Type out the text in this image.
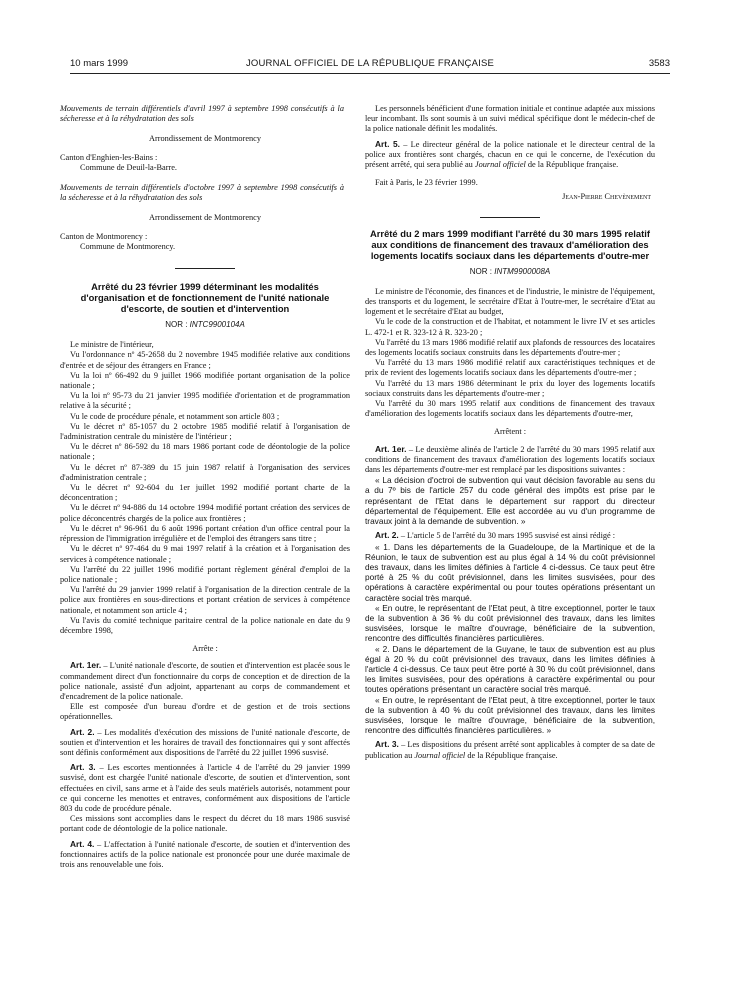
10 mars 1999	JOURNAL OFFICIEL DE LA RÉPUBLIQUE FRANÇAISE	3583

Mouvements de terrain différentiels d'avril 1997 à septembre 1998 consécutifs à la sécheresse et à la réhydratation des sols

Arrondissement de Montmorency

Canton d'Enghien-les-Bains :

Commune de Deuil-la-Barre.

Mouvements de terrain différentiels d'octobre 1997 à septembre 1998 consécutifs à la sécheresse et à la réhydratation des sols

Arrondissement de Montmorency

Canton de Montmorency :

Commune de Montmorency.

Arrêté du 23 février 1999 déterminant les modalités d'organisation et de fonctionnement de l'unité nationale d'escorte, de soutien et d'intervention
NOR : INTC9900104A

Le ministre de l'intérieur,

Vu l'ordonnance nº 45-2658 du 2 novembre 1945 modifiée relative aux conditions d'entrée et de séjour des étrangers en France ;

Vu la loi nº 66-492 du 9 juillet 1966 modifiée portant organisation de la police nationale ;

Vu la loi nº 95-73 du 21 janvier 1995 modifiée d'orientation et de programmation relative à la sécurité ;

Vu le code de procédure pénale, et notamment son article 803 ;

Vu le décret nº 85-1057 du 2 octobre 1985 modifié relatif à l'organisation de l'administration centrale du ministère de l'intérieur ;

Vu le décret nº 86-592 du 18 mars 1986 portant code de déontologie de la police nationale ;

Vu le décret nº 87-389 du 15 juin 1987 relatif à l'organisation des services d'administration centrale ;

Vu le décret nº 92-604 du 1er juillet 1992 modifié portant charte de la déconcentration ;

Vu le décret nº 94-886 du 14 octobre 1994 modifié portant création des services de police déconcentrés chargés de la police aux frontières ;

Vu le décret nº 96-961 du 6 août 1996 portant création d'un office central pour la répression de l'immigration irrégulière et de l'emploi des étrangers sans titre ;

Vu le décret nº 97-464 du 9 mai 1997 relatif à la création et à l'organisation des services à compétence nationale ;

Vu l'arrêté du 22 juillet 1996 modifié portant règlement général d'emploi de la police nationale ;

Vu l'arrêté du 29 janvier 1999 relatif à l'organisation de la direction centrale de la police aux frontières en sous-directions et portant création de services à compétence nationale, et notamment son article 4 ;

Vu l'avis du comité technique paritaire central de la police nationale en date du 9 décembre 1998,

Arrête :

Art. 1er. – L'unité nationale d'escorte, de soutien et d'intervention est placée sous le commandement direct d'un fonctionnaire du corps de conception et de direction de la police nationale, assisté d'un adjoint, appartenant au corps de commandement et d'encadrement de la police nationale.

Elle est composée d'un bureau d'ordre et de gestion et de trois sections opérationnelles.

Art. 2. – Les modalités d'exécution des missions de l'unité nationale d'escorte, de soutien et d'intervention et les horaires de travail des fonctionnaires qui y sont affectés sont définis conformément aux dispositions de l'arrêté du 22 juillet 1996 susvisé.

Art. 3. – Les escortes mentionnées à l'article 4 de l'arrêté du 29 janvier 1999 susvisé, dont est chargée l'unité nationale d'escorte, de soutien et d'intervention, sont effectuées en civil, sans arme et à l'aide des seuls matériels autorisés, notamment pour ce qui concerne les menottes et entraves, conformément aux dispositions de l'article 803 du code de procédure pénale.

Ces missions sont accomplies dans le respect du décret du 18 mars 1986 susvisé portant code de déontologie de la police nationale.

Art. 4. – L'affectation à l'unité nationale d'escorte, de soutien et d'intervention des fonctionnaires actifs de la police nationale est prononcée pour une durée maximale de trois ans renouvelable une fois.

Les personnels bénéficient d'une formation initiale et continue adaptée aux missions leur incombant. Ils sont soumis à un suivi médical spécifique dont le médecin-chef de la police nationale définit les modalités.

Art. 5. – Le directeur général de la police nationale et le directeur central de la police aux frontières sont chargés, chacun en ce qui le concerne, de l'exécution du présent arrêté, qui sera publié au Journal officiel de la République française.

Fait à Paris, le 23 février 1999.

Jean-Pierre Chevènement

Arrêté du 2 mars 1999 modifiant l'arrêté du 30 mars 1995 relatif aux conditions de financement des travaux d'amélioration des logements locatifs sociaux dans les départements d'outre-mer
NOR : INTM9900008A

Le ministre de l'économie, des finances et de l'industrie, le ministre de l'équipement, des transports et du logement, le secrétaire d'Etat à l'outre-mer, le secrétaire d'Etat au logement et le secrétaire d'Etat au budget,

Vu le code de la construction et de l'habitat, et notamment le livre IV et ses articles L. 472-1 et R. 323-12 à R. 323-20 ;

Vu l'arrêté du 13 mars 1986 modifié relatif aux plafonds de ressources des locataires des logements locatifs sociaux construits dans les départements d'outre-mer ;

Vu l'arrêté du 13 mars 1986 modifié relatif aux caractéristiques techniques et de prix de revient des logements locatifs sociaux dans les départements d'outre-mer ;

Vu l'arrêté du 13 mars 1986 déterminant le prix du loyer des logements locatifs sociaux construits dans les départements d'outre-mer ;

Vu l'arrêté du 30 mars 1995 relatif aux conditions de financement des travaux d'amélioration des logements locatifs sociaux dans les départements d'outre-mer,

Arrêtent :

Art. 1er. – Le deuxième alinéa de l'article 2 de l'arrêté du 30 mars 1995 relatif aux conditions de financement des travaux d'amélioration des logements locatifs sociaux dans les départements d'outre-mer est remplacé par les dispositions suivantes :

« La décision d'octroi de subvention qui vaut décision favorable au sens du a du 7º bis de l'article 257 du code général des impôts est prise par le représentant de l'Etat dans le département sur rapport du directeur départemental de l'équipement. Elle est accordée au vu d'un programme de travaux joint à la demande de subvention. »

Art. 2. – L'article 5 de l'arrêté du 30 mars 1995 susvisé est ainsi rédigé :

« 1. Dans les départements de la Guadeloupe, de la Martinique et de la Réunion, le taux de subvention est au plus égal à 14 % du coût prévisionnel des travaux, dans les limites définies à l'article 4 ci-dessus. Ce taux peut être porté à 25 % du coût prévisionnel, dans les limites susvisées, pour des opérations à caractère expérimental ou pour toutes opérations présentant un caractère social très marqué.

« En outre, le représentant de l'Etat peut, à titre exceptionnel, porter le taux de la subvention à 36 % du coût prévisionnel des travaux, dans les limites susvisées, lorsque le maître d'ouvrage, bénéficiaire de la subvention, rencontre des difficultés financières particulières.

« 2. Dans le département de la Guyane, le taux de subvention est au plus égal à 20 % du coût prévisionnel des travaux, dans les limites définies à l'article 4 ci-dessus. Ce taux peut être porté à 30 % du coût prévisionnel, dans les limites susvisées, pour des opérations à caractère expérimental ou pour toutes opérations présentant un caractère social très marqué.

« En outre, le représentant de l'Etat peut, à titre exceptionnel, porter le taux de la subvention à 40 % du coût prévisionnel des travaux, dans les limites susvisées, lorsque le maître d'ouvrage, bénéficiaire de la subvention, rencontre des difficultés financières particulières. »

Art. 3. – Les dispositions du présent arrêté sont applicables à compter de sa date de publication au Journal officiel de la République française.
